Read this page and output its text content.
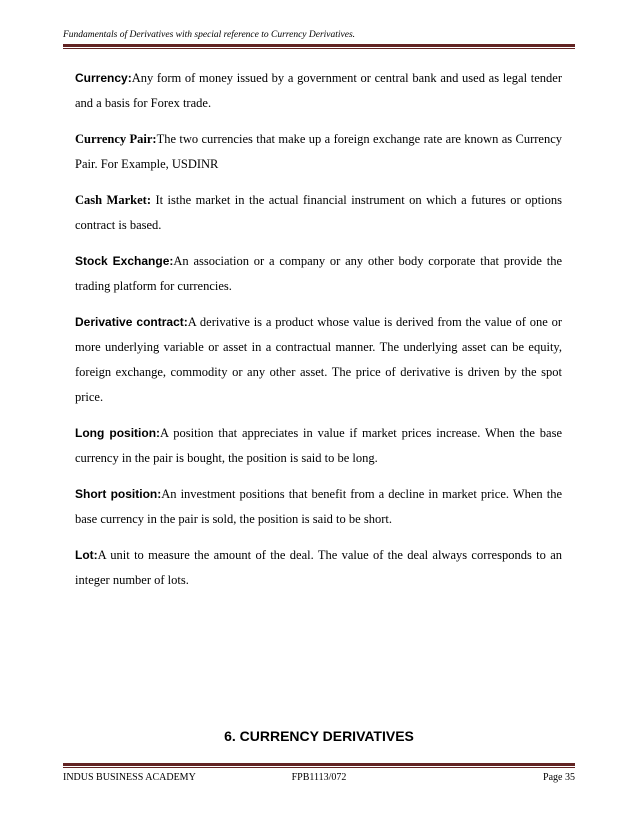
Fundamentals of Derivatives with special reference to Currency Derivatives.

Currency:Any form of money issued by a government or central bank and used as legal tender and a basis for Forex trade.

Currency Pair:The two currencies that make up a foreign exchange rate are known as Currency Pair. For Example, USDINR

Cash Market: It isthe market in the actual financial instrument on which a futures or options contract is based.

Stock Exchange:An association or a company or any other body corporate that provide the trading platform for currencies.

Derivative contract:A derivative is a product whose value is derived from the value of one or more underlying variable or asset in a contractual manner. The underlying asset can be equity, foreign exchange, commodity or any other asset. The price of derivative is driven by the spot price.

Long position:A position that appreciates in value if market prices increase. When the base currency in the pair is bought, the position is said to be long.

Short position:An investment positions that benefit from a decline in market price. When the base currency in the pair is sold, the position is said to be short.

Lot:A unit to measure the amount of the deal. The value of the deal always corresponds to an integer number of lots.

6. CURRENCY DERIVATIVES
INDUS BUSINESS ACADEMY	FPB1113/072	Page 35
